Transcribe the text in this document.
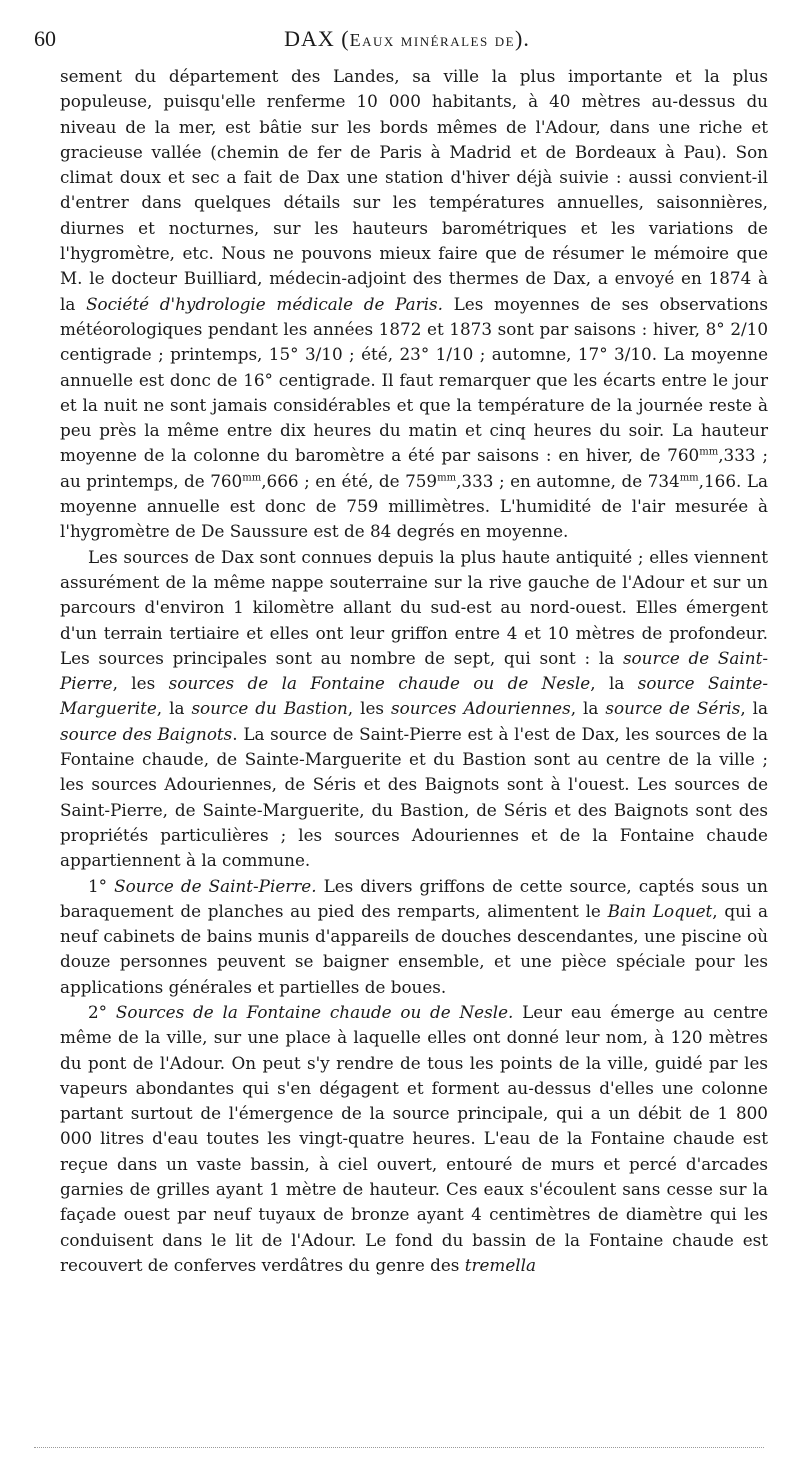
60	DAX (Eaux minérales de).

sement du département des Landes, sa ville la plus importante et la plus populeuse, puisqu'elle renferme 10 000 habitants, à 40 mètres au-dessus du niveau de la mer, est bâtie sur les bords mêmes de l'Adour, dans une riche et gracieuse vallée (chemin de fer de Paris à Madrid et de Bordeaux à Pau). Son climat doux et sec a fait de Dax une station d'hiver déjà suivie : aussi convient-il d'entrer dans quelques détails sur les températures annuelles, saisonnières, diurnes et nocturnes, sur les hauteurs barométriques et les variations de l'hygromètre, etc. Nous ne pouvons mieux faire que de résumer le mémoire que M. le docteur Builliard, médecin-adjoint des thermes de Dax, a envoyé en 1874 à la Société d'hydrologie médicale de Paris. Les moyennes de ses observations météorologiques pendant les années 1872 et 1873 sont par saisons : hiver, 8° 2/10 centigrade ; printemps, 15° 3/10 ; été, 23° 1/10 ; automne, 17° 3/10. La moyenne annuelle est donc de 16° centigrade. Il faut remarquer que les écarts entre le jour et la nuit ne sont jamais considérables et que la température de la journée reste à peu près la même entre dix heures du matin et cinq heures du soir. La hauteur moyenne de la colonne du baromètre a été par saisons : en hiver, de $760^{mm},333$ ; au printemps, de $760^{mm},666$ ; en été, de $759^{mm},333$ ; en automne, de $734^{mm},166$. La moyenne annuelle est donc de 759 millimètres. L'humidité de l'air mesurée à l'hygromètre de De Saussure est de 84 degrés en moyenne.

Les sources de Dax sont connues depuis la plus haute antiquité ; elles viennent assurément de la même nappe souterraine sur la rive gauche de l'Adour et sur un parcours d'environ 1 kilomètre allant du sud-est au nord-ouest. Elles émergent d'un terrain tertiaire et elles ont leur griffon entre 4 et 10 mètres de profondeur. Les sources principales sont au nombre de sept, qui sont : la source de Saint-Pierre, les sources de la Fontaine chaude ou de Nesle, la source Sainte-Marguerite, la source du Bastion, les sources Adouriennes, la source de Séris, la source des Baignots. La source de Saint-Pierre est à l'est de Dax, les sources de la Fontaine chaude, de Sainte-Marguerite et du Bastion sont au centre de la ville ; les sources Adouriennes, de Séris et des Baignots sont à l'ouest. Les sources de Saint-Pierre, de Sainte-Marguerite, du Bastion, de Séris et des Baignots sont des propriétés particulières ; les sources Adouriennes et de la Fontaine chaude appartiennent à la commune.

1° Source de Saint-Pierre. Les divers griffons de cette source, captés sous un baraquement de planches au pied des remparts, alimentent le Bain Loquet, qui a neuf cabinets de bains munis d'appareils de douches descendantes, une piscine où douze personnes peuvent se baigner ensemble, et une pièce spéciale pour les applications générales et partielles de boues.

2° Sources de la Fontaine chaude ou de Nesle. Leur eau émerge au centre même de la ville, sur une place à laquelle elles ont donné leur nom, à 120 mètres du pont de l'Adour. On peut s'y rendre de tous les points de la ville, guidé par les vapeurs abondantes qui s'en dégagent et forment au-dessus d'elles une colonne partant surtout de l'émergence de la source principale, qui a un débit de 1 800 000 litres d'eau toutes les vingt-quatre heures. L'eau de la Fontaine chaude est reçue dans un vaste bassin, à ciel ouvert, entouré de murs et percé d'arcades garnies de grilles ayant 1 mètre de hauteur. Ces eaux s'écoulent sans cesse sur la façade ouest par neuf tuyaux de bronze ayant 4 centimètres de diamètre qui les conduisent dans le lit de l'Adour. Le fond du bassin de la Fontaine chaude est recouvert de conferves verdâtres du genre des tremella
